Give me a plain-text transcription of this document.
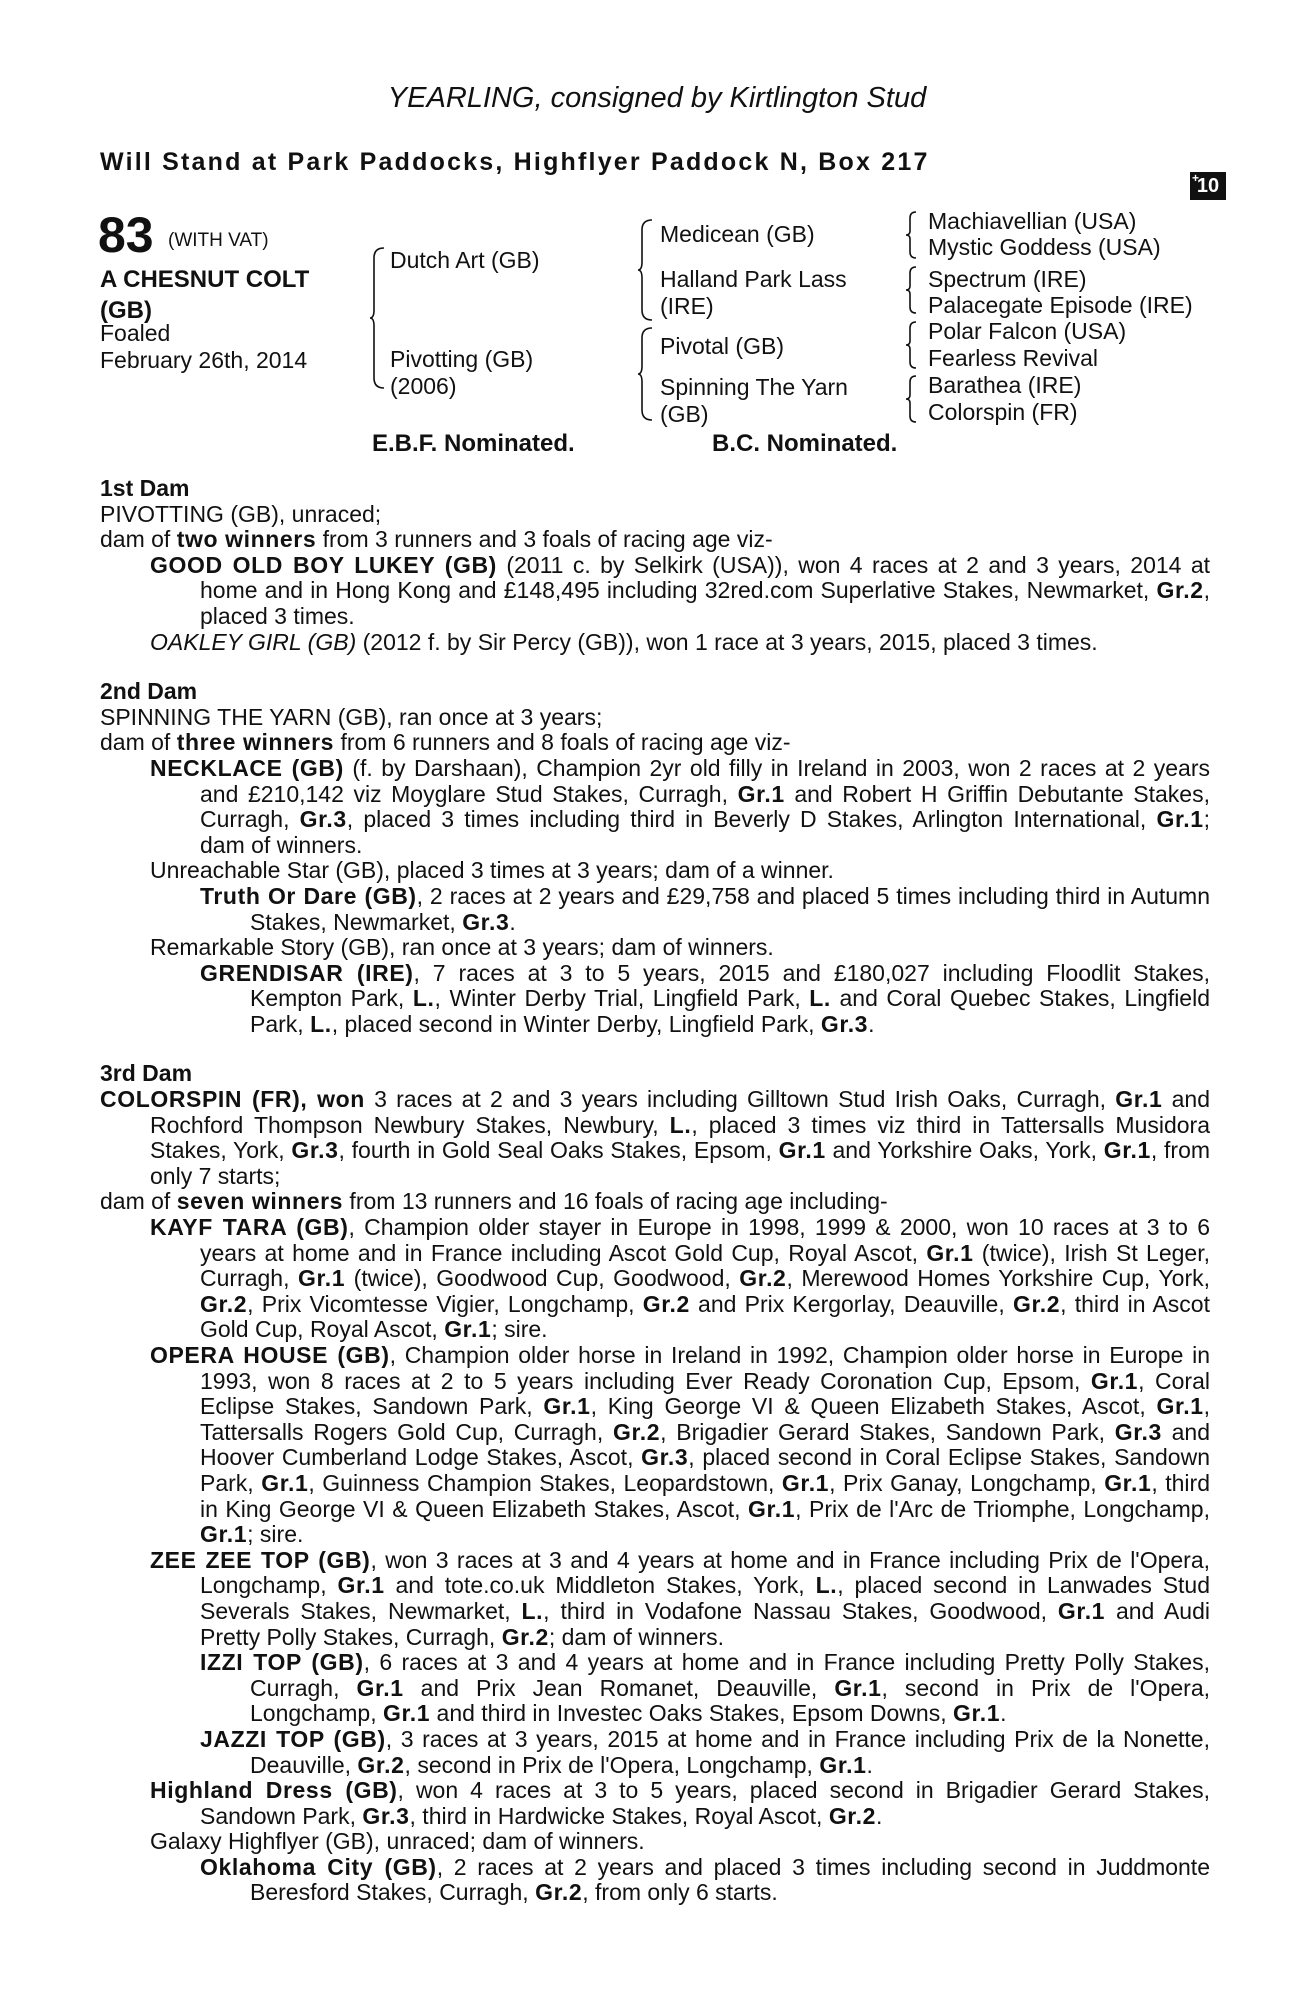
YEARLING, consigned by Kirtlington Stud
Will Stand at Park Paddocks, Highflyer Paddock N, Box 217
+
10
83 (WITH VAT)
A CHESNUT COLT
(GB)
Foaled
February 26th, 2014
Dutch Art (GB)
Pivotting (GB)
(2006)
Medicean (GB)
Halland Park Lass
(IRE)
Pivotal (GB)
Spinning The Yarn
(GB)
Machiavellian (USA)
Mystic Goddess (USA)
Spectrum (IRE)
Palacegate Episode (IRE)
Polar Falcon (USA)
Fearless Revival
Barathea (IRE)
Colorspin (FR)
E.B.F. Nominated.	B.C. Nominated.

1st Dam

PIVOTTING (GB), unraced;

dam of two winners from 3 runners and 3 foals of racing age viz-

GOOD OLD BOY LUKEY (GB) (2011 c. by Selkirk (USA)), won 4 races at 2 and 3 years, 2014 at home and in Hong Kong and £148,495 including 32red.com Superlative Stakes, Newmarket, Gr.2, placed 3 times.

OAKLEY GIRL (GB) (2012 f. by Sir Percy (GB)), won 1 race at 3 years, 2015, placed 3 times.

2nd Dam

SPINNING THE YARN (GB), ran once at 3 years;

dam of three winners from 6 runners and 8 foals of racing age viz-

NECKLACE (GB) (f. by Darshaan), Champion 2yr old filly in Ireland in 2003, won 2 races at 2 years and £210,142 viz Moyglare Stud Stakes, Curragh, Gr.1 and Robert H Griffin Debutante Stakes, Curragh, Gr.3, placed 3 times including third in Beverly D Stakes, Arlington International, Gr.1; dam of winners.

Unreachable Star (GB), placed 3 times at 3 years; dam of a winner.

Truth Or Dare (GB), 2 races at 2 years and £29,758 and placed 5 times including third in Autumn Stakes, Newmarket, Gr.3.

Remarkable Story (GB), ran once at 3 years; dam of winners.

GRENDISAR (IRE), 7 races at 3 to 5 years, 2015 and £180,027 including Floodlit Stakes, Kempton Park, L., Winter Derby Trial, Lingfield Park, L. and Coral Quebec Stakes, Lingfield Park, L., placed second in Winter Derby, Lingfield Park, Gr.3.

3rd Dam

COLORSPIN (FR), won 3 races at 2 and 3 years including Gilltown Stud Irish Oaks, Curragh, Gr.1 and Rochford Thompson Newbury Stakes, Newbury, L., placed 3 times viz third in Tattersalls Musidora Stakes, York, Gr.3, fourth in Gold Seal Oaks Stakes, Epsom, Gr.1 and Yorkshire Oaks, York, Gr.1, from only 7 starts;

dam of seven winners from 13 runners and 16 foals of racing age including-

KAYF TARA (GB), Champion older stayer in Europe in 1998, 1999 & 2000, won 10 races at 3 to 6 years at home and in France including Ascot Gold Cup, Royal Ascot, Gr.1 (twice), Irish St Leger, Curragh, Gr.1 (twice), Goodwood Cup, Goodwood, Gr.2, Merewood Homes Yorkshire Cup, York, Gr.2, Prix Vicomtesse Vigier, Longchamp, Gr.2 and Prix Kergorlay, Deauville, Gr.2, third in Ascot Gold Cup, Royal Ascot, Gr.1; sire.

OPERA HOUSE (GB), Champion older horse in Ireland in 1992, Champion older horse in Europe in 1993, won 8 races at 2 to 5 years including Ever Ready Coronation Cup, Epsom, Gr.1, Coral Eclipse Stakes, Sandown Park, Gr.1, King George VI & Queen Elizabeth Stakes, Ascot, Gr.1, Tattersalls Rogers Gold Cup, Curragh, Gr.2, Brigadier Gerard Stakes, Sandown Park, Gr.3 and Hoover Cumberland Lodge Stakes, Ascot, Gr.3, placed second in Coral Eclipse Stakes, Sandown Park, Gr.1, Guinness Champion Stakes, Leopardstown, Gr.1, Prix Ganay, Longchamp, Gr.1, third in King George VI & Queen Elizabeth Stakes, Ascot, Gr.1, Prix de l'Arc de Triomphe, Longchamp, Gr.1; sire.

ZEE ZEE TOP (GB), won 3 races at 3 and 4 years at home and in France including Prix de l'Opera, Longchamp, Gr.1 and tote.co.uk Middleton Stakes, York, L., placed second in Lanwades Stud Severals Stakes, Newmarket, L., third in Vodafone Nassau Stakes, Goodwood, Gr.1 and Audi Pretty Polly Stakes, Curragh, Gr.2; dam of winners.

IZZI TOP (GB), 6 races at 3 and 4 years at home and in France including Pretty Polly Stakes, Curragh, Gr.1 and Prix Jean Romanet, Deauville, Gr.1, second in Prix de l'Opera, Longchamp, Gr.1 and third in Investec Oaks Stakes, Epsom Downs, Gr.1.

JAZZI TOP (GB), 3 races at 3 years, 2015 at home and in France including Prix de la Nonette, Deauville, Gr.2, second in Prix de l'Opera, Longchamp, Gr.1.

Highland Dress (GB), won 4 races at 3 to 5 years, placed second in Brigadier Gerard Stakes, Sandown Park, Gr.3, third in Hardwicke Stakes, Royal Ascot, Gr.2.

Galaxy Highflyer (GB), unraced; dam of winners.

Oklahoma City (GB), 2 races at 2 years and placed 3 times including second in Juddmonte Beresford Stakes, Curragh, Gr.2, from only 6 starts.
